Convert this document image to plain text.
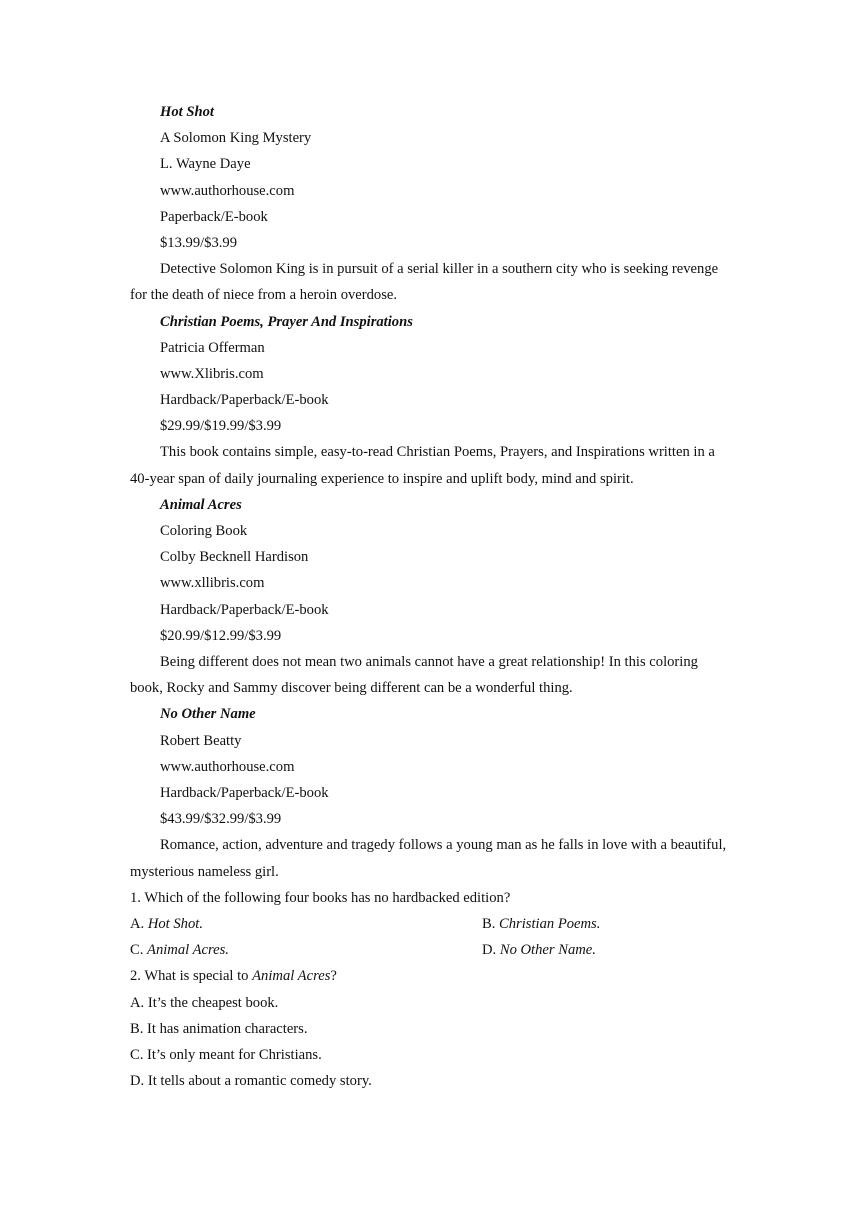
Hot Shot
A Solomon King Mystery
L. Wayne Daye
www.authorhouse.com
Paperback/E-book
$13.99/$3.99
Detective Solomon King is in pursuit of a serial killer in a southern city who is seeking revenge for the death of niece from a heroin overdose.
Christian Poems, Prayer And Inspirations
Patricia Offerman
www.Xlibris.com
Hardback/Paperback/E-book
$29.99/$19.99/$3.99
This book contains simple, easy-to-read Christian Poems, Prayers, and Inspirations written in a 40-year span of daily journaling experience to inspire and uplift body, mind and spirit.
Animal Acres
Coloring Book
Colby Becknell Hardison
www.xllibris.com
Hardback/Paperback/E-book
$20.99/$12.99/$3.99
Being different does not mean two animals cannot have a great relationship! In this coloring book, Rocky and Sammy discover being different can be a wonderful thing.
No Other Name
Robert Beatty
www.authorhouse.com
Hardback/Paperback/E-book
$43.99/$32.99/$3.99
Romance, action, adventure and tragedy follows a young man as he falls in love with a beautiful, mysterious nameless girl.
1. Which of the following four books has no hardbacked edition?
A. Hot Shot.	B. Christian Poems.
C. Animal Acres.	D. No Other Name.
2. What is special to Animal Acres?
A. It’s the cheapest book.
B. It has animation characters.
C. It’s only meant for Christians.
D. It tells about a romantic comedy story.
